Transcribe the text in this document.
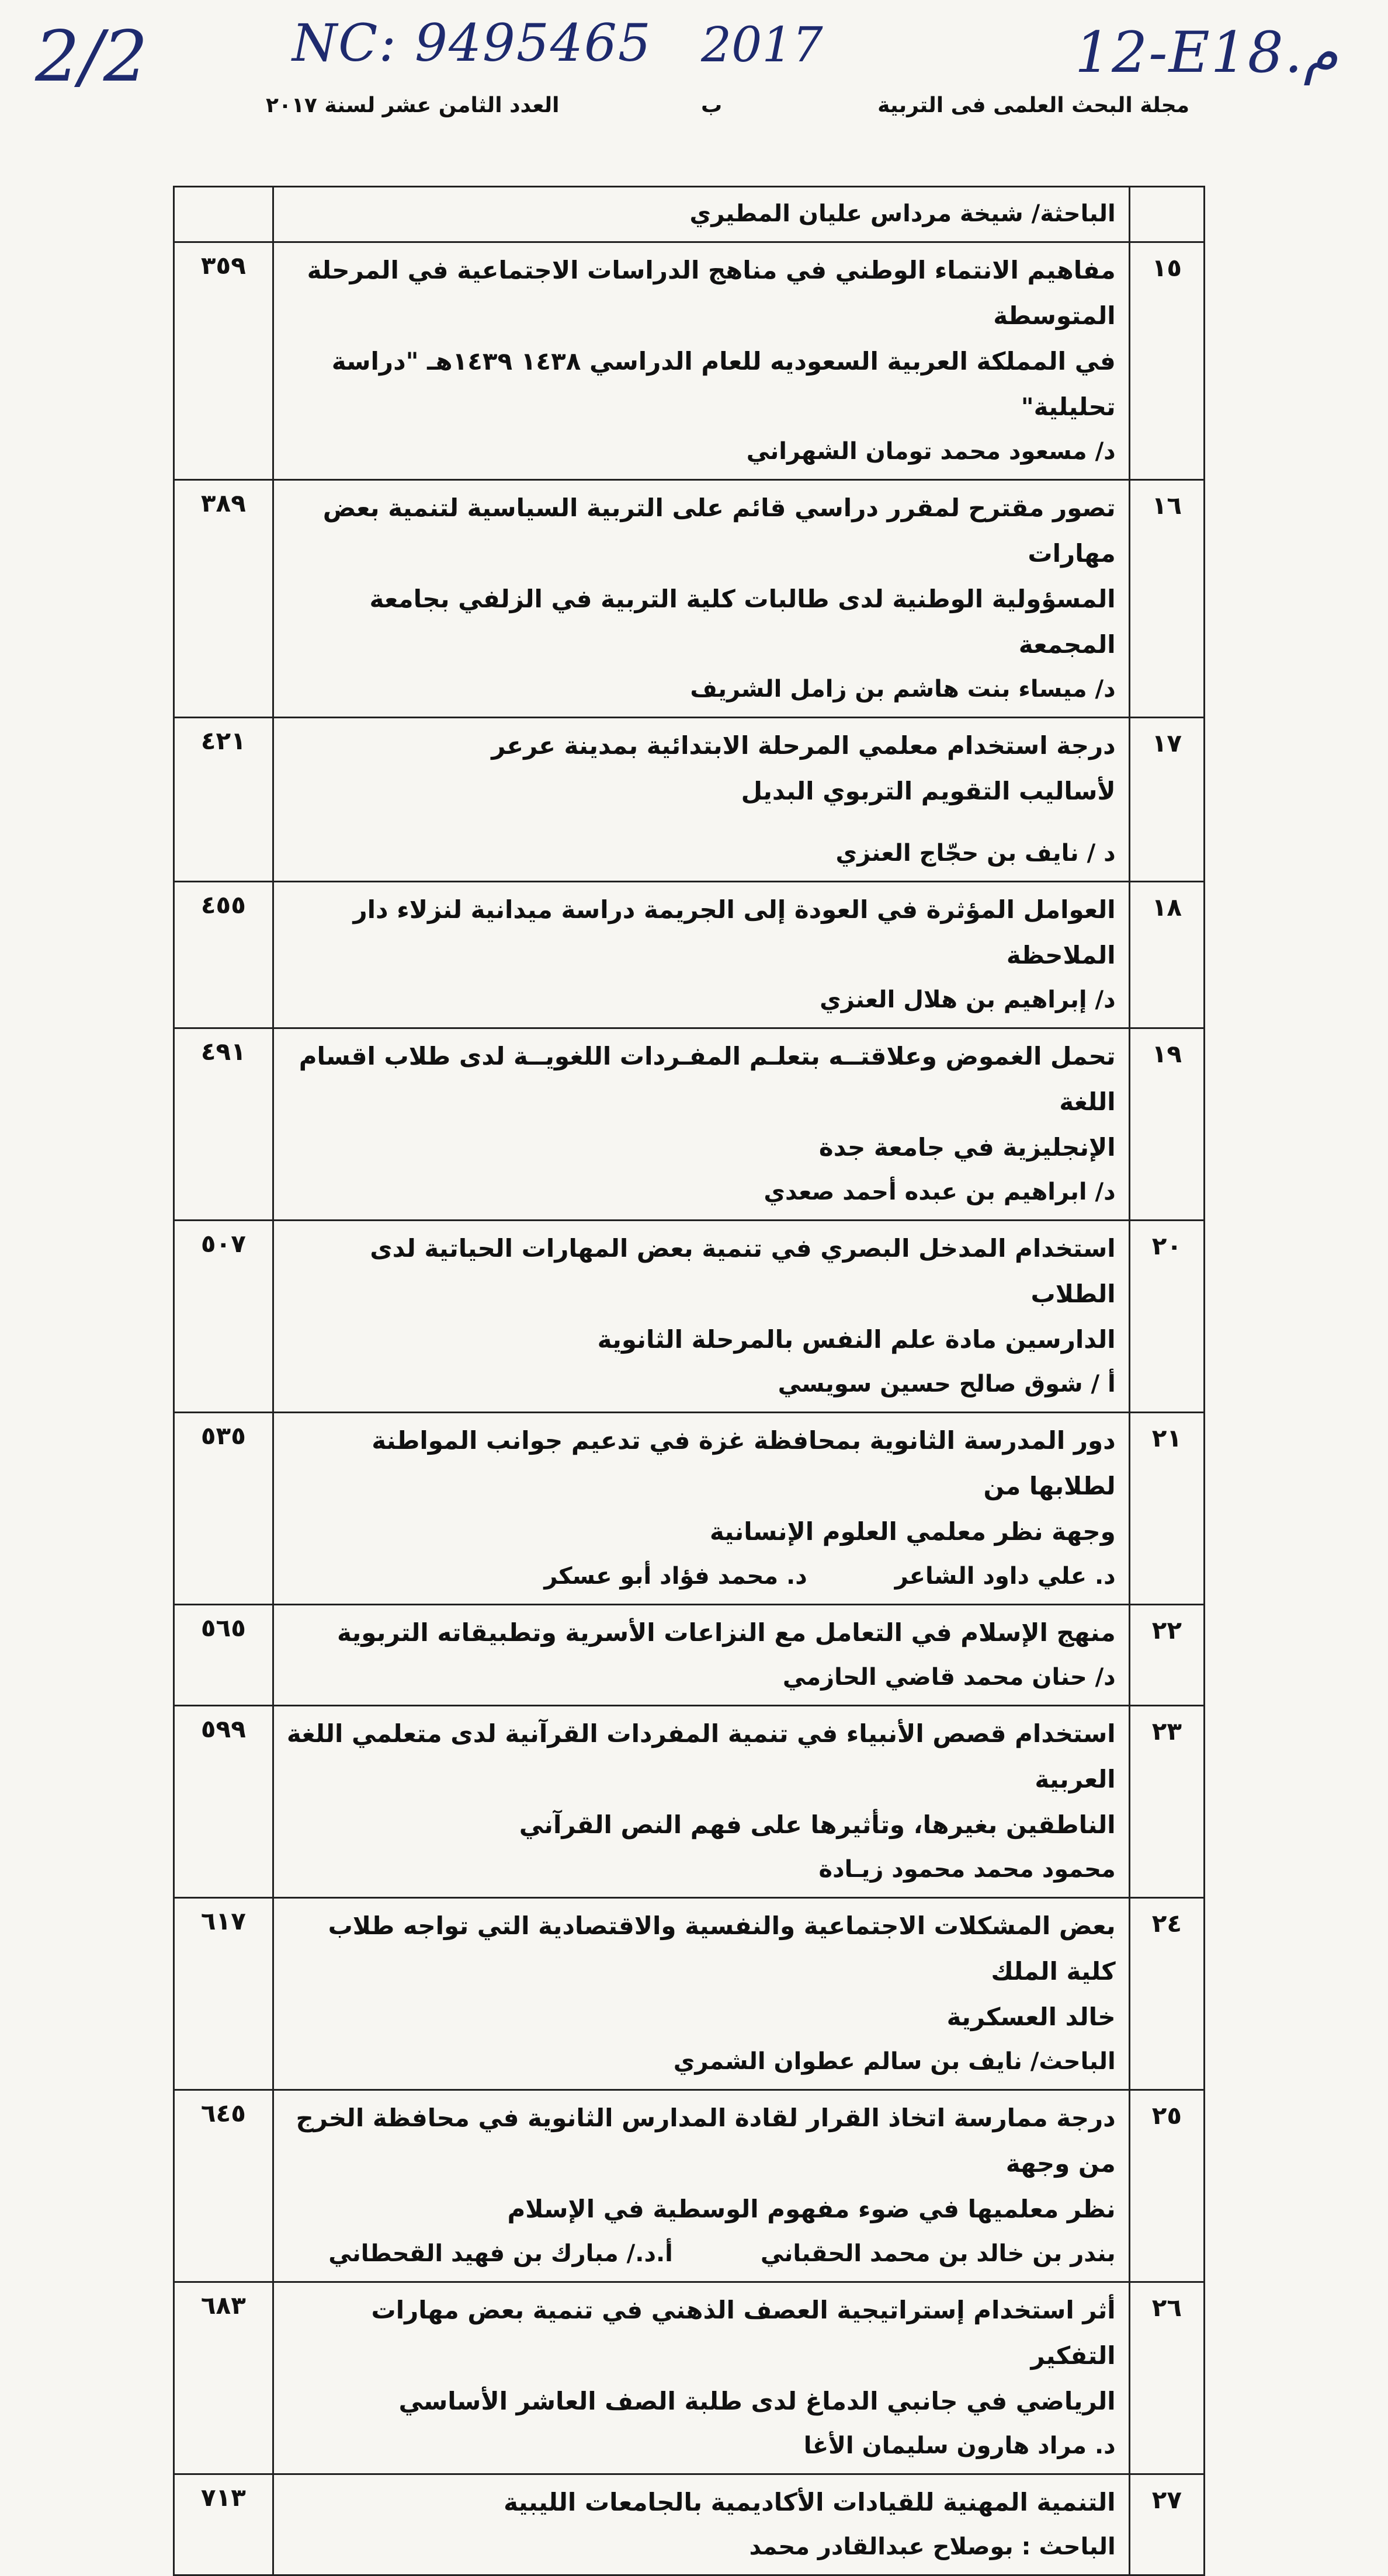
2/2	NC: 9495465 2017	12-E18.م
مجلة البحث العلمى فى التربية
ب
العدد الثامن عشر لسنة ٢٠١٧

	الباحثة/ شيخة مرداس عليان المطيري	

١٥	مفاهيم الانتماء الوطني في مناهج الدراسات الاجتماعية في المرحلة المتوسطة
في المملكة العربية السعوديه للعام الدراسي ١٤٣٨ ١٤٣٩هـ "دراسة تحليلية"
د/ مسعود محمد تومان الشهراني	٣٥٩
١٦	تصور مقترح لمقرر دراسي قائم على التربية السياسية لتنمية بعض مهارات
المسؤولية الوطنية لدى طالبات كلية التربية في الزلفي بجامعة المجمعة
د/ ميساء بنت هاشم بن زامل الشريف	٣٨٩
١٧	درجة استخدام معلمي المرحلة الابتدائية بمدينة عرعر
لأساليب التقويم التربوي البديل
د / نايف بن حجّاج العنزي	٤٢١
١٨	العوامل المؤثرة في العودة إلى الجريمة دراسة ميدانية لنزلاء دار الملاحظة
د/ إبراهيم بن هلال العنزي	٤٥٥
١٩	تحمل الغموض وعلاقتــه بتعلـم المفـردات اللغويــة لدى طلاب اقسام اللغة
الإنجليزية في جامعة جدة
د/ ابراهيم بن عبده أحمد صعدي	٤٩١
٢٠	استخدام المدخل البصري في تنمية بعض المهارات الحياتية لدى الطلاب
الدارسين مادة علم النفس بالمرحلة الثانوية
أ / شوق صالح حسين سويسي	٥٠٧
٢١	دور المدرسة الثانوية بمحافظة غزة في تدعيم جوانب المواطنة لطلابها من
وجهة نظر معلمي العلوم الإنسانية
د. علي داود الشاعر
د. محمد فؤاد أبو عسكر	٥٣٥
٢٢	منهج الإسلام في التعامل مع النزاعات الأسرية وتطبيقاته التربوية
د/ حنان محمد قاضي الحازمي	٥٦٥
٢٣	استخدام قصص الأنبياء في تنمية المفردات القرآنية لدى متعلمي اللغة العربية
الناطقين بغيرها، وتأثيرها على فهم النص القرآني
محمود محمد محمود زيـادة	٥٩٩
٢٤	بعض المشكلات الاجتماعية والنفسية والاقتصادية التي تواجه طلاب كلية الملك
خالد العسكرية
الباحث/ نايف بن سالم عطوان الشمري	٦١٧
٢٥	درجة ممارسة اتخاذ القرار لقادة المدارس الثانوية في محافظة الخرج من وجهة
نظر معلميها في ضوء مفهوم الوسطية في الإسلام
بندر بن خالد بن محمد الحقباني
أ.د./ مبارك بن فهيد القحطاني	٦٤٥
٢٦	أثر استخدام إستراتيجية العصف الذهني في تنمية بعض مهارات التفكير
الرياضي في جانبي الدماغ لدى طلبة الصف العاشر الأساسي
د. مراد هارون سليمان الأغا	٦٨٣
٢٧	التنمية المهنية للقيادات الأكاديمية بالجامعات الليبية
الباحث : بوصلاح عبدالقادر محمد	٧١٣
